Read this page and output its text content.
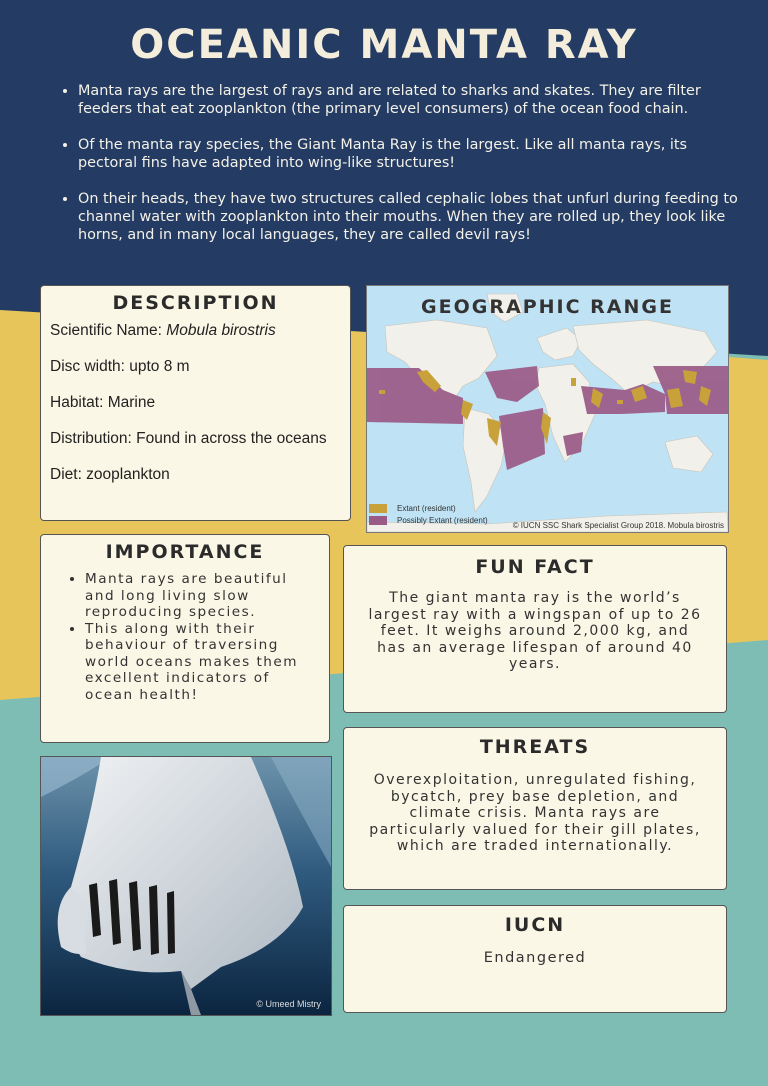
OCEANIC MANTA RAY
• Manta rays are the largest of rays and are related to sharks and skates. They are filter feeders that eat zooplankton (the primary level consumers) of the ocean food chain.
• Of the manta ray species, the Giant Manta Ray is the largest. Like all manta rays, its pectoral fins have adapted into wing-like structures!
• On their heads, they have two structures called cephalic lobes that unfurl during feeding to channel water with zooplankton into their mouths. When they are rolled up, they look like horns, and in many local languages, they are called devil rays!
DESCRIPTION

Scientific Name: Mobula birostris

Disc width: upto 8 m

Habitat: Marine

Distribution: Found in across the oceans

Diet: zooplankton

GEOGRAPHIC RANGE
Extant (resident)
Possibly Extant (resident)
© IUCN SSC Shark Specialist Group 2018. Mobula birostris
IMPORTANCE
• Manta rays are beautiful and long living slow reproducing species.
• This along with their behaviour of traversing world oceans makes them excellent indicators of ocean health!
FUN FACT

The giant manta ray is the world’s largest ray with a wingspan of up to 26 feet. It weighs around 2,000 kg, and has an average lifespan of around 40 years.

THREATS

Overexploitation, unregulated fishing, bycatch, prey base depletion, and climate crisis. Manta rays are particularly valued for their gill plates, which are traded internationally.

IUCN

Endangered

© Umeed Mistry
